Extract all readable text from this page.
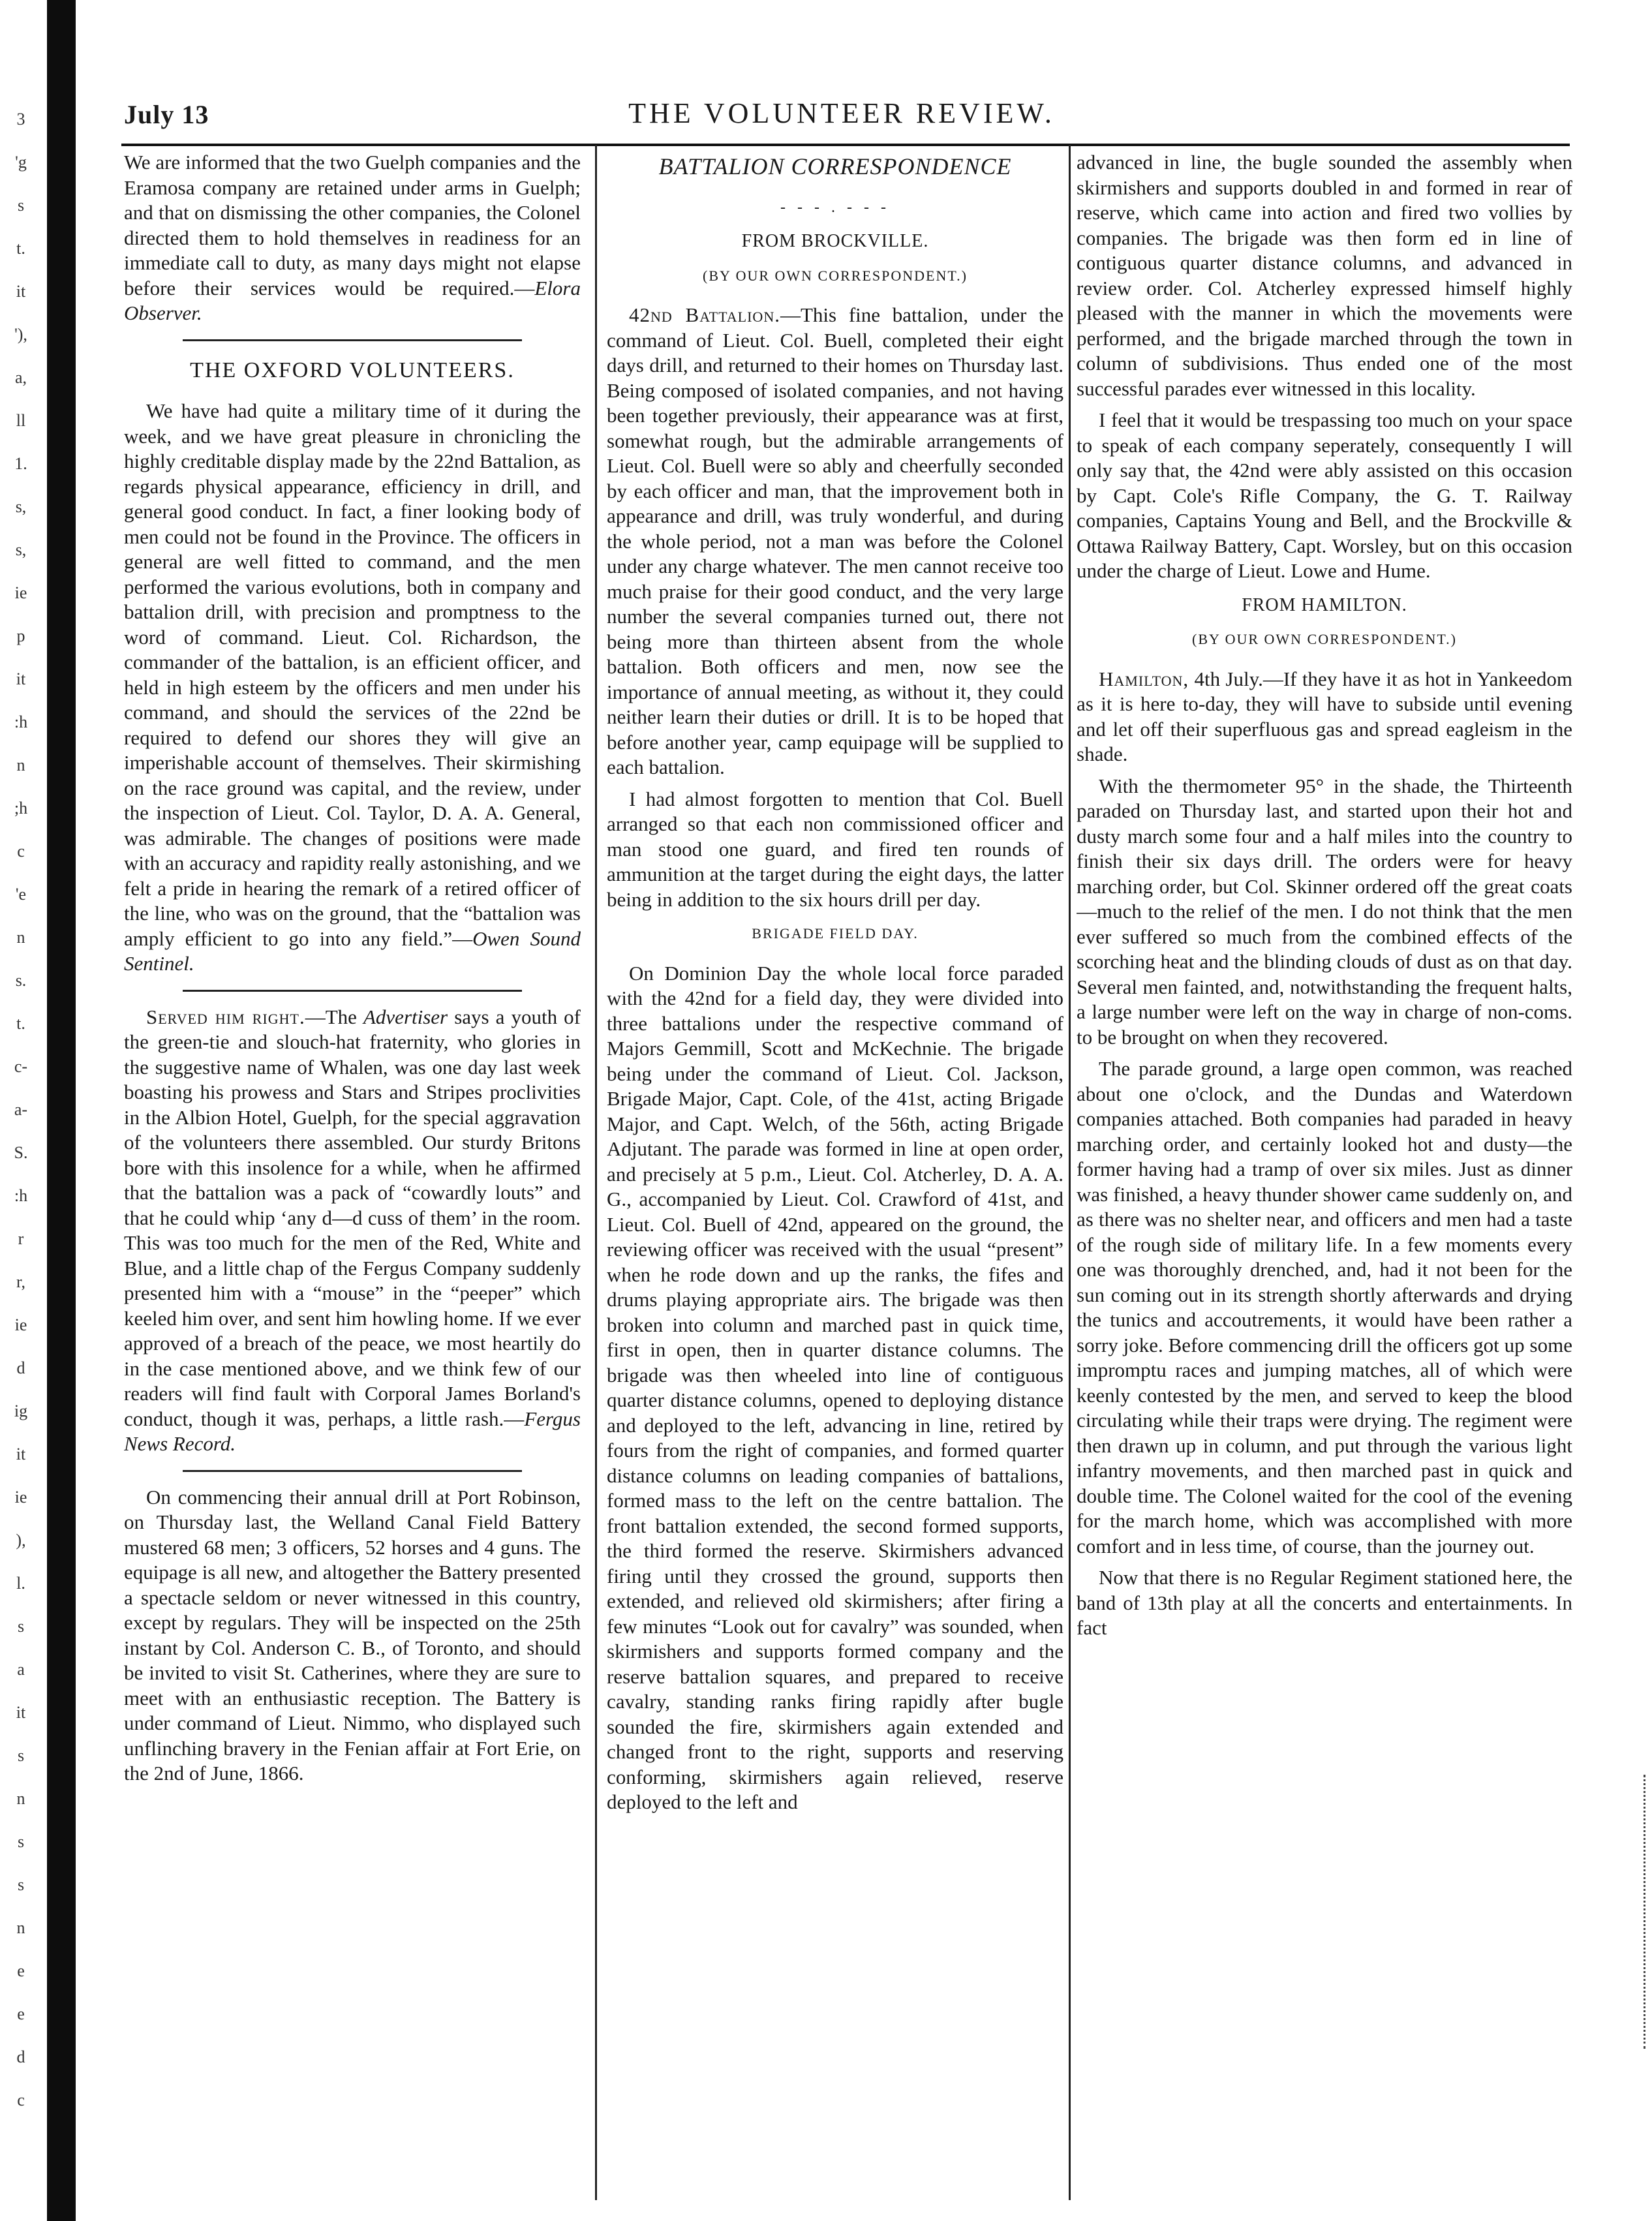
3
'g
s
t.
it
'),
a,
ll
1.
s,
s,
ie
p
it
:h
n
;h
c
'e
n
s.
t.
c-
a-
S.
:h
r
r,
ie
d
ig
it
ie
),
l.
s
a
it
s
n
s
s
n
e
e
d
c
July 13	THE VOLUNTEER REVIEW.

We are informed that the two Guelph companies and the Eramosa company are retained under arms in Guelph; and that on dismissing the other companies, the Colonel directed them to hold themselves in readiness for an immediate call to duty, as many days might not elapse before their services would be required.—Elora Observer.

THE OXFORD VOLUNTEERS.

We have had quite a military time of it during the week, and we have great pleasure in chronicling the highly creditable display made by the 22nd Battalion, as regards physical appearance, efficiency in drill, and general good conduct. In fact, a finer looking body of men could not be found in the Province. The officers in general are well fitted to command, and the men performed the various evolutions, both in company and battalion drill, with precision and promptness to the word of command. Lieut. Col. Richardson, the commander of the battalion, is an efficient officer, and held in high esteem by the officers and men under his command, and should the services of the 22nd be required to defend our shores they will give an imperishable account of themselves. Their skirmishing on the race ground was capital, and the review, under the inspection of Lieut. Col. Taylor, D. A. A. General, was admirable. The changes of positions were made with an accuracy and rapidity really astonishing, and we felt a pride in hearing the remark of a retired officer of the line, who was on the ground, that the “battalion was amply efficient to go into any field.”—Owen Sound Sentinel.

Served him right.—The Advertiser says a youth of the green-tie and slouch-hat fraternity, who glories in the suggestive name of Whalen, was one day last week boasting his prowess and Stars and Stripes proclivities in the Albion Hotel, Guelph, for the special aggravation of the volunteers there assembled. Our sturdy Britons bore with this insolence for a while, when he affirmed that the battalion was a pack of “cowardly louts” and that he could whip ‘any d—d cuss of them’ in the room. This was too much for the men of the Red, White and Blue, and a little chap of the Fergus Company suddenly presented him with a “mouse” in the “peeper” which keeled him over, and sent him howling home. If we ever approved of a breach of the peace, we most heartily do in the case mentioned above, and we think few of our readers will find fault with Corporal James Borland's conduct, though it was, perhaps, a little rash.—Fergus News Record.

On commencing their annual drill at Port Robinson, on Thursday last, the Welland Canal Field Battery mustered 68 men; 3 officers, 52 horses and 4 guns. The equipage is all new, and altogether the Battery presented a spectacle seldom or never witnessed in this country, except by regulars. They will be inspected on the 25th instant by Col. Anderson C. B., of Toronto, and should be invited to visit St. Catherines, where they are sure to meet with an enthusiastic reception. The Battery is under command of Lieut. Nimmo, who displayed such unflinching bravery in the Fenian affair at Fort Erie, on the 2nd of June, 1866.

BATTALION CORRESPONDENCE
- - - . - - -
FROM BROCKVILLE.
(BY OUR OWN CORRESPONDENT.)

42nd Battalion.—This fine battalion, under the command of Lieut. Col. Buell, completed their eight days drill, and returned to their homes on Thursday last. Being composed of isolated companies, and not having been together previously, their appearance was at first, somewhat rough, but the admirable arrangements of Lieut. Col. Buell were so ably and cheerfully seconded by each officer and man, that the improvement both in appearance and drill, was truly wonderful, and during the whole period, not a man was before the Colonel under any charge whatever. The men cannot receive too much praise for their good conduct, and the very large number the several companies turned out, there not being more than thirteen absent from the whole battalion. Both officers and men, now see the importance of annual meeting, as without it, they could neither learn their duties or drill. It is to be hoped that before another year, camp equipage will be supplied to each battalion.

I had almost forgotten to mention that Col. Buell arranged so that each non commissioned officer and man stood one guard, and fired ten rounds of ammunition at the target during the eight days, the latter being in addition to the six hours drill per day.

BRIGADE FIELD DAY.

On Dominion Day the whole local force paraded with the 42nd for a field day, they were divided into three battalions under the respective command of Majors Gemmill, Scott and McKechnie. The brigade being under the command of Lieut. Col. Jackson, Brigade Major, Capt. Cole, of the 41st, acting Brigade Major, and Capt. Welch, of the 56th, acting Brigade Adjutant. The parade was formed in line at open order, and precisely at 5 p.m., Lieut. Col. Atcherley, D. A. A. G., accompanied by Lieut. Col. Crawford of 41st, and Lieut. Col. Buell of 42nd, appeared on the ground, the reviewing officer was received with the usual “present” when he rode down and up the ranks, the fifes and drums playing appropriate airs. The brigade was then broken into column and marched past in quick time, first in open, then in quarter distance columns. The brigade was then wheeled into line of contiguous quarter distance columns, opened to deploying distance and deployed to the left, advancing in line, retired by fours from the right of companies, and formed quarter distance columns on leading companies of battalions, formed mass to the left on the centre battalion. The front battalion extended, the second formed supports, the third formed the reserve. Skirmishers advanced firing until they crossed the ground, supports then extended, and relieved old skirmishers; after firing a few minutes “Look out for cavalry” was sounded, when skirmishers and supports formed company and the reserve battalion squares, and prepared to receive cavalry, standing ranks firing rapidly after bugle sounded the fire, skirmishers again extended and changed front to the right, supports and reserving conforming, skirmishers again relieved, reserve deployed to the left and

advanced in line, the bugle sounded the assembly when skirmishers and supports doubled in and formed in rear of reserve, which came into action and fired two vollies by companies. The brigade was then form ed in line of contiguous quarter distance columns, and advanced in review order. Col. Atcherley expressed himself highly pleased with the manner in which the movements were performed, and the brigade marched through the town in column of subdivisions. Thus ended one of the most successful parades ever witnessed in this locality.

I feel that it would be trespassing too much on your space to speak of each company seperately, consequently I will only say that, the 42nd were ably assisted on this occasion by Capt. Cole's Rifle Company, the G. T. Railway companies, Captains Young and Bell, and the Brockville & Ottawa Railway Battery, Capt. Worsley, but on this occasion under the charge of Lieut. Lowe and Hume.

FROM HAMILTON.
(BY OUR OWN CORRESPONDENT.)

Hamilton, 4th July.—If they have it as hot in Yankeedom as it is here to-day, they will have to subside until evening and let off their superfluous gas and spread eagleism in the shade.

With the thermometer 95° in the shade, the Thirteenth paraded on Thursday last, and started upon their hot and dusty march some four and a half miles into the country to finish their six days drill. The orders were for heavy marching order, but Col. Skinner ordered off the great coats—much to the relief of the men. I do not think that the men ever suffered so much from the combined effects of the scorching heat and the blinding clouds of dust as on that day. Several men fainted, and, notwithstanding the frequent halts, a large number were left on the way in charge of non-coms. to be brought on when they recovered.

The parade ground, a large open common, was reached about one o'clock, and the Dundas and Waterdown companies attached. Both companies had paraded in heavy marching order, and certainly looked hot and dusty—the former having had a tramp of over six miles. Just as dinner was finished, a heavy thunder shower came suddenly on, and as there was no shelter near, and officers and men had a taste of the rough side of military life. In a few moments every one was thoroughly drenched, and, had it not been for the sun coming out in its strength shortly afterwards and drying the tunics and accoutrements, it would have been rather a sorry joke. Before commencing drill the officers got up some impromptu races and jumping matches, all of which were keenly contested by the men, and served to keep the blood circulating while their traps were drying. The regiment were then drawn up in column, and put through the various light infantry movements, and then marched past in quick and double time. The Colonel waited for the cool of the evening for the march home, which was accomplished with more comfort and in less time, of course, than the journey out.

Now that there is no Regular Regiment stationed here, the band of 13th play at all the concerts and entertainments. In fact
